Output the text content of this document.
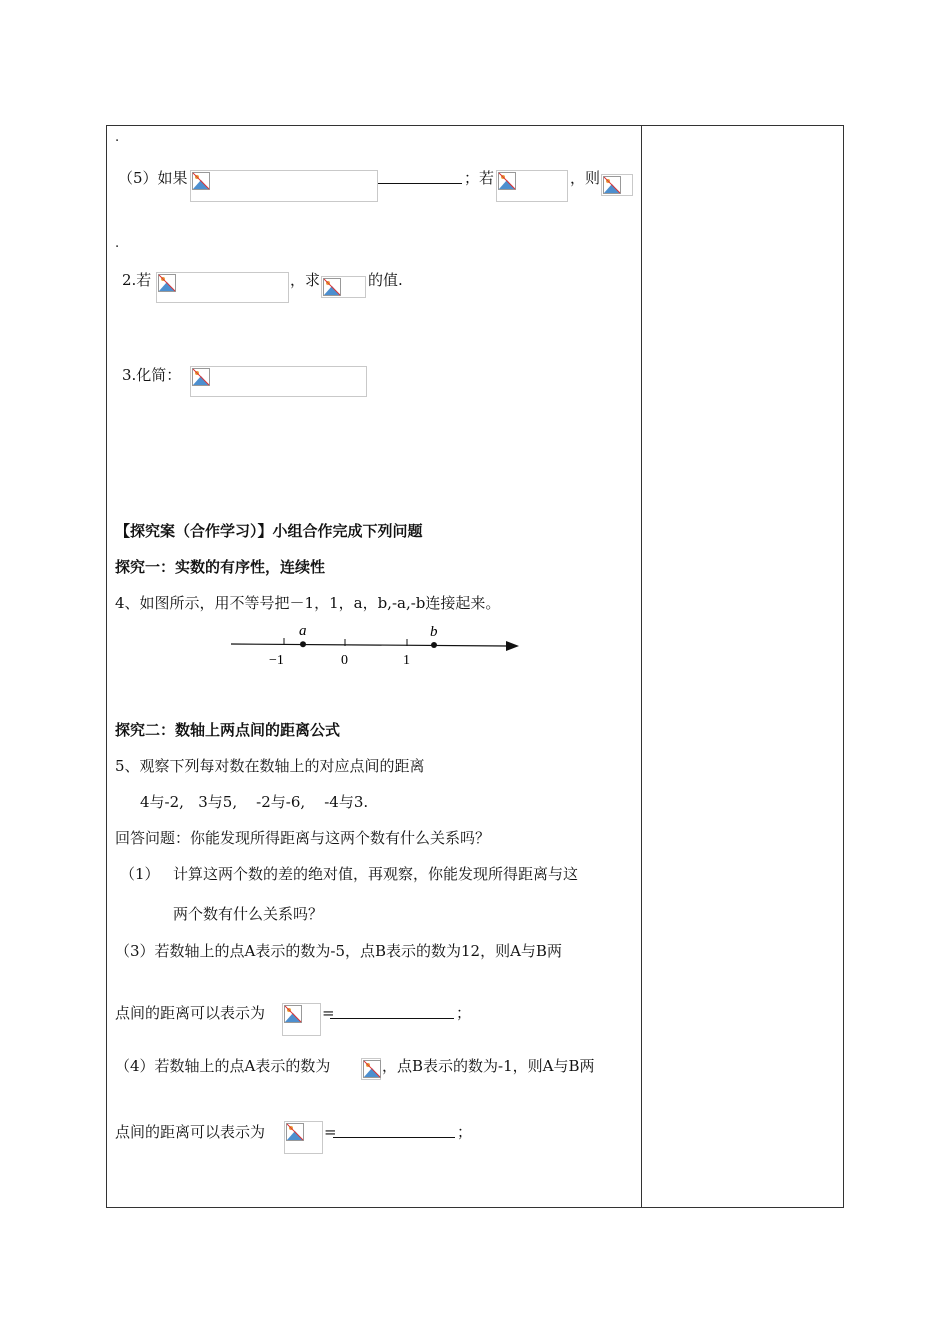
.
.
（5）如果	；若	，则
2.若	，求	的值.
3.化简：
【探究案（合作学习）】小组合作完成下列问题
探究一：实数的有序性，连续性
4、如图所示，用不等号把－1，1，a，b,-a,-b连接起来。
a	b
−1	0	1
探究二：数轴上两点间的距离公式
5、观察下列每对数在数轴上的对应点间的距离
4与-2,   3与5,    -2与-6,    -4与3.
回答问题：你能发现所得距离与这两个数有什么关系吗？
（1） 计算这两个数的差的绝对值，再观察，你能发现所得距离与这
两个数有什么关系吗？
（3）若数轴上的点A表示的数为-5，点B表示的数为12，则A与B两
点间的距离可以表示为	=	；
（4）若数轴上的点A表示的数为	，点B表示的数为-1，则A与B两
点间的距离可以表示为	=	；
